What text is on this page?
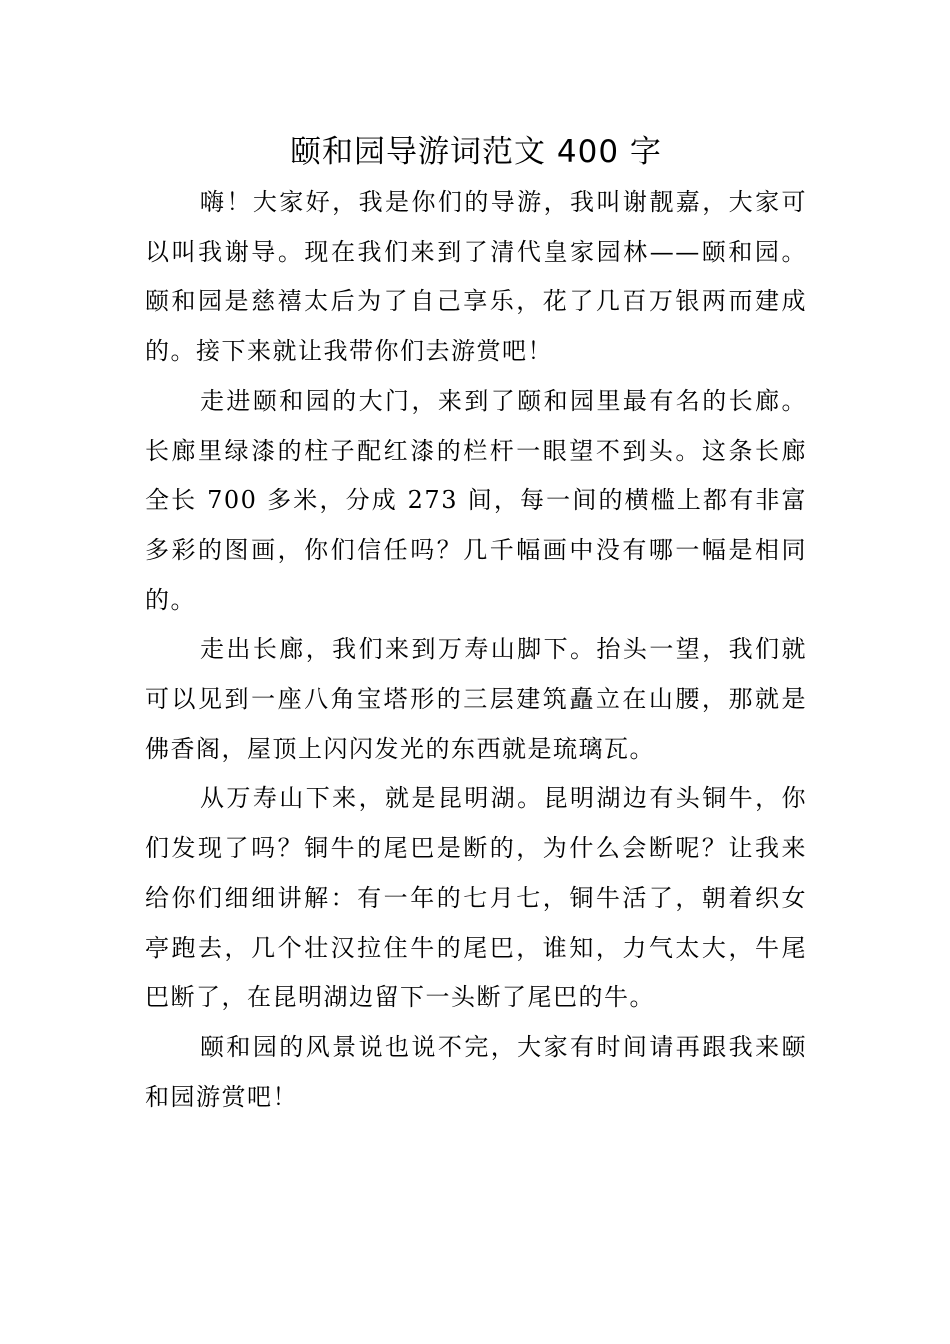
颐和园导游词范文 400 字

嗨！大家好，我是你们的导游，我叫谢靓嘉，大家可以叫我谢导。现在我们来到了清代皇家园林——颐和园。颐和园是慈禧太后为了自己享乐，花了几百万银两而建成的。接下来就让我带你们去游赏吧！

走进颐和园的大门，来到了颐和园里最有名的长廊。长廊里绿漆的柱子配红漆的栏杆一眼望不到头。这条长廊全长 700 多米，分成 273 间，每一间的横槛上都有非富多彩的图画，你们信任吗？几千幅画中没有哪一幅是相同的。

走出长廊，我们来到万寿山脚下。抬头一望，我们就可以见到一座八角宝塔形的三层建筑矗立在山腰，那就是佛香阁，屋顶上闪闪发光的东西就是琉璃瓦。

从万寿山下来，就是昆明湖。昆明湖边有头铜牛，你们发现了吗？铜牛的尾巴是断的，为什么会断呢？让我来给你们细细讲解：有一年的七月七，铜牛活了，朝着织女亭跑去，几个壮汉拉住牛的尾巴，谁知，力气太大，牛尾巴断了，在昆明湖边留下一头断了尾巴的牛。

颐和园的风景说也说不完，大家有时间请再跟我来颐和园游赏吧！
